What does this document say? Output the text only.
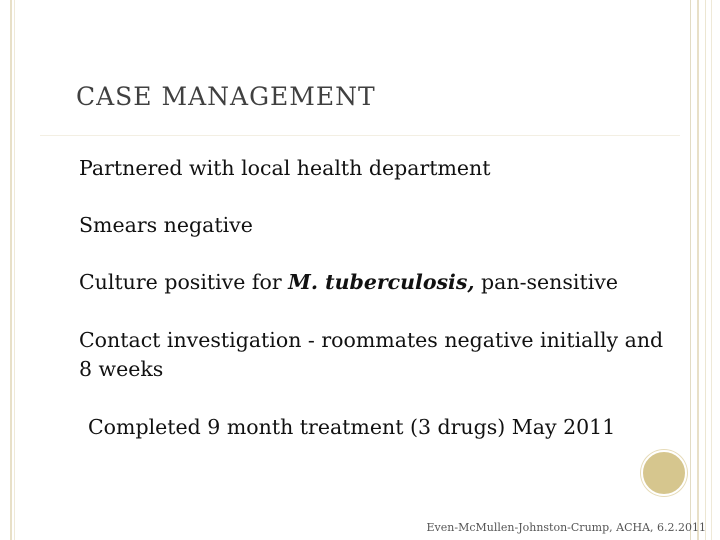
CASE MANAGEMENT
Partnered with local health department
Smears negative
Culture positive for M. tuberculosis, pan-sensitive
Contact investigation - roommates negative initially and 8 weeks
Completed 9 month treatment (3 drugs) May 2011
Even-McMullen-Johnston-Crump, ACHA, 6.2.2011
